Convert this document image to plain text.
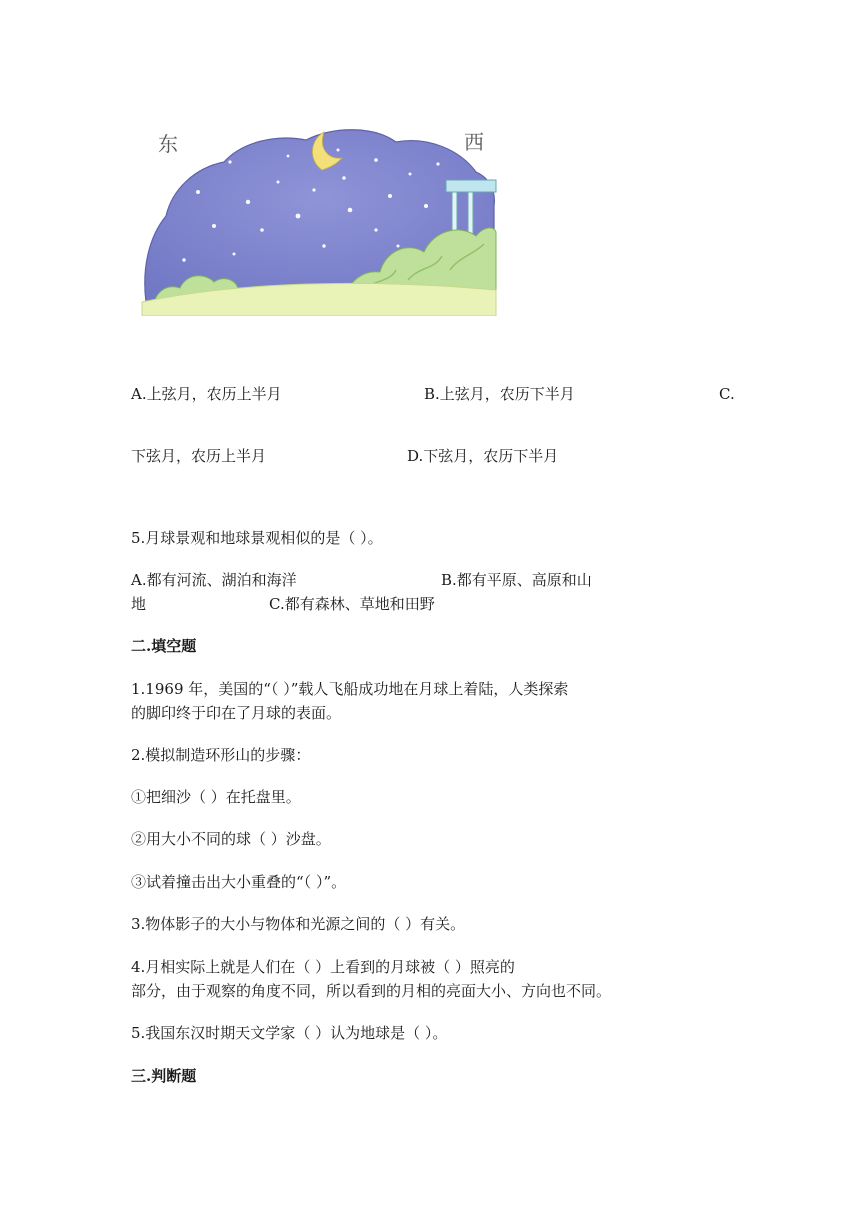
东	西
A.上弦月，农历上半月	B.上弦月，农历下半月	C.
下弦月，农历上半月	D.下弦月，农历下半月
5.月球景观和地球景观相似的是（ ）。
A.都有河流、湖泊和海洋	B.都有平原、高原和山
地	C.都有森林、草地和田野
二.填空题
1.1969 年，美国的“（ ）”载人飞船成功地在月球上着陆，人类探索
的脚印终于印在了月球的表面。
2.模拟制造环形山的步骤：
①把细沙（ ）在托盘里。
②用大小不同的球（ ）沙盘。
③试着撞击出大小重叠的“（ ）”。
3.物体影子的大小与物体和光源之间的（ ）有关。
4.月相实际上就是人们在（ ）上看到的月球被（ ）照亮的
部分，由于观察的角度不同，所以看到的月相的亮面大小、方向也不同。
5.我国东汉时期天文学家（ ）认为地球是（ ）。
三.判断题
